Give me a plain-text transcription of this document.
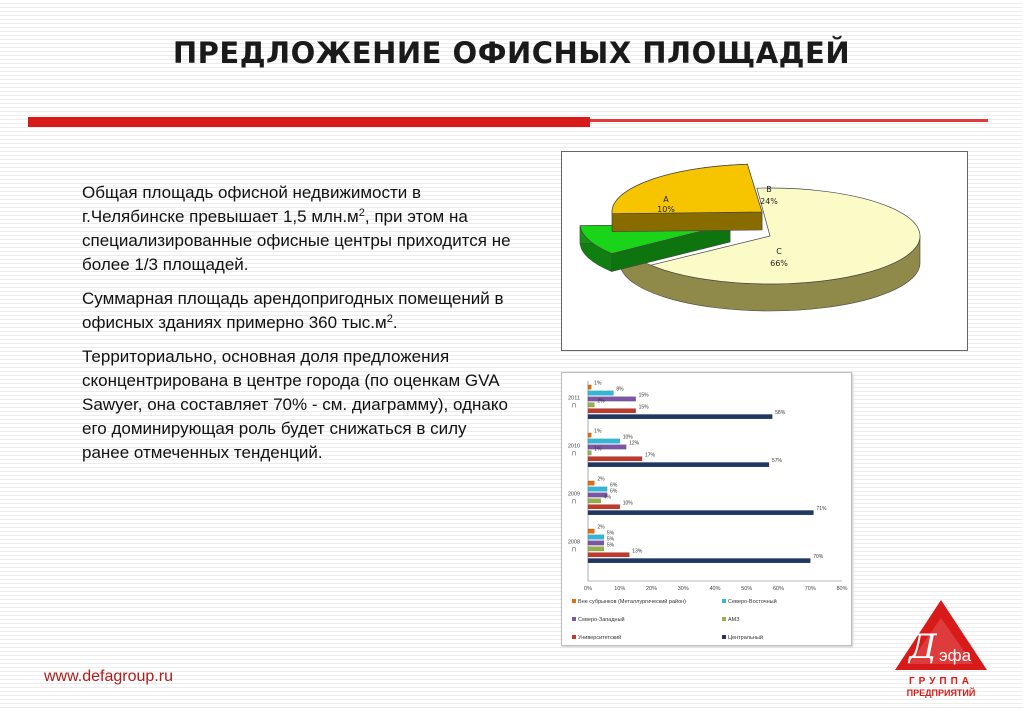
ПРЕДЛОЖЕНИЕ ОФИСНЫХ ПЛОЩАДЕЙ

Общая площадь офисной недвижимости в г.Челябинске превышает 1,5 $млн.м^2$, при этом на специализированные офисные центры приходится не более 1/3 площадей.

Суммарная площадь арендопригодных помещений в офисных зданиях примерно 360 $тыс.м^2$.

Территориально, основная доля предложения сконцентрирована в центре города (по оценкам GVA Sawyer, она составляет 70% - см. диаграмму), однако его доминирующая роль будет снижаться в силу ранее отмеченных тенденций.

A
10%
B
24%
C
66%
2011
П
1%
8%
15%
2%
15%
58%
2010
П
1%
10%
12%
1%
17%
57%
2009
П
2%
6%
6%
4%
10%
71%
2008
П
2%
5%
5%
5%
13%
70%
0%	10%	20%	30%	40%	50%	60%	70%	80%
Вне субрынков (Металлургический район)	Северо-Восточный
Северо-Западный	АМЗ
Университетский	Центральный
www.defagroup.ru
Д эфа
ГРУППА
ПРЕДПРИЯТИЙ
